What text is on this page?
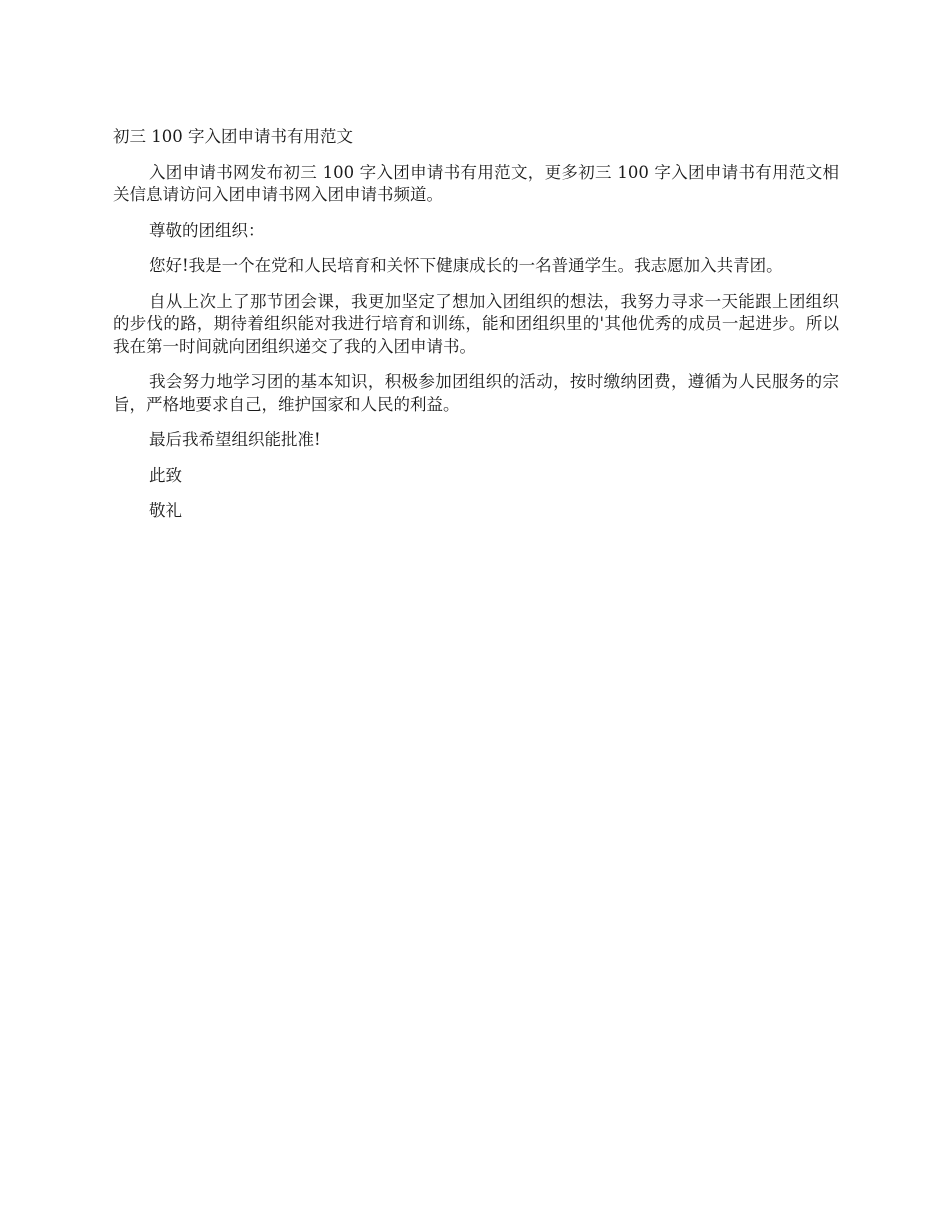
初三 100 字入团申请书有用范文

入团申请书网发布初三 100 字入团申请书有用范文，更多初三 100 字入团申请书有用范文相关信息请访问入团申请书网入团申请书频道。

尊敬的团组织：

您好!我是一个在党和人民培育和关怀下健康成长的一名普通学生。我志愿加入共青团。

自从上次上了那节团会课，我更加坚定了想加入团组织的想法，我努力寻求一天能跟上团组织的步伐的路，期待着组织能对我进行培育和训练，能和团组织里的'其他优秀的成员一起进步。所以我在第一时间就向团组织递交了我的入团申请书。

我会努力地学习团的基本知识，积极参加团组织的活动，按时缴纳团费，遵循为人民服务的宗旨，严格地要求自己，维护国家和人民的利益。

最后我希望组织能批准!

此致

敬礼
